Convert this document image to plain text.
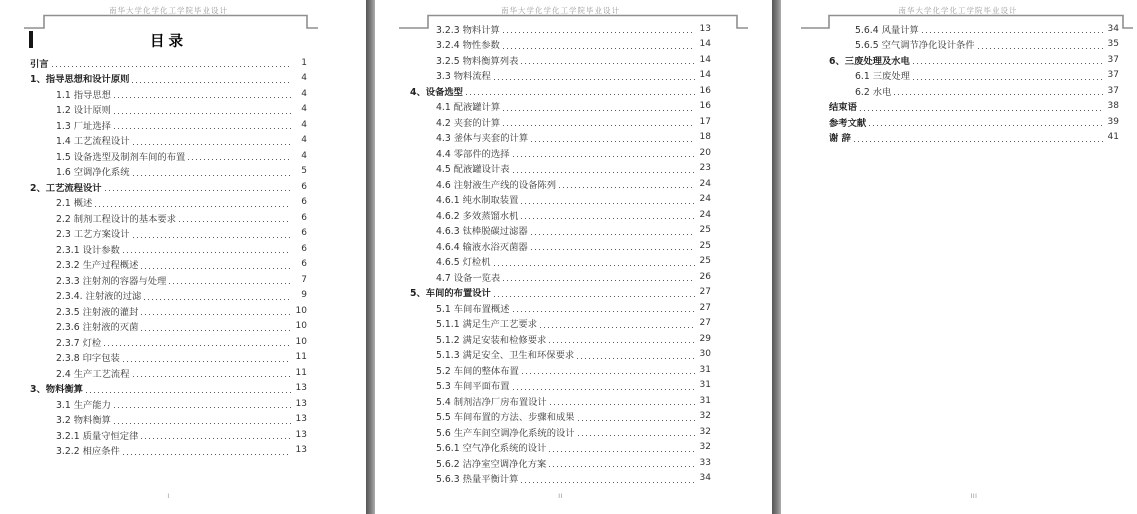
南华大学化学化工学院毕业设计
目录
引言	1
1、指导思想和设计原则	4
1.1 指导思想	4
1.2 设计原则	4
1.3 厂址选择	4
1.4 工艺流程设计	4
1.5 设备选型及制剂车间的布置	4
1.6 空调净化系统	5
2、工艺流程设计	6
2.1 概述	6
2.2 制剂工程设计的基本要求	6
2.3 工艺方案设计	6
2.3.1 设计参数	6
2.3.2 生产过程概述	6
2.3.3 注射剂的容器与处理	7
2.3.4. 注射液的过滤	9
2.3.5 注射液的灌封	10
2.3.6 注射液的灭菌	10
2.3.7 灯检	10
2.3.8 印字包装	11
2.4 生产工艺流程	11
3、物料衡算	13
3.1 生产能力	13
3.2 物料衡算	13
3.2.1 质量守恒定律	13
3.2.2 相应条件	13
I
南华大学化学化工学院毕业设计
3.2.3 物料计算	13
3.2.4 物性参数	14
3.2.5 物料衡算列表	14
3.3 物料流程	14
4、设备选型	16
4.1 配液罐计算	16
4.2 夹套的计算	17
4.3 釜体与夹套的计算	18
4.4 零部件的选择	20
4.5 配液罐设计表	23
4.6 注射液生产线的设备陈列	24
4.6.1 纯水制取装置	24
4.6.2 多效蒸馏水机	24
4.6.3 钛棒脱碳过滤器	25
4.6.4 输液水浴灭菌器	25
4.6.5 灯检机	25
4.7 设备一览表	26
5、车间的布置设计	27
5.1 车间布置概述	27
5.1.1 满足生产工艺要求	27
5.1.2 满足安装和检修要求	29
5.1.3 满足安全、卫生和环保要求	30
5.2 车间的整体布置	31
5.3 车间平面布置	31
5.4 制剂洁净厂房布置设计	31
5.5 车间布置的方法、步骤和成果	32
5.6 生产车间空调净化系统的设计	32
5.6.1 空气净化系统的设计	32
5.6.2 洁净室空调净化方案	33
5.6.3 热量平衡计算	34
II
南华大学化学化工学院毕业设计
5.6.4 风量计算	34
5.6.5 空气调节净化设计条件	35
6、三废处理及水电	37
6.1 三废处理	37
6.2 水电	37
结束语	38
参考文献	39
谢 辞	41
III
